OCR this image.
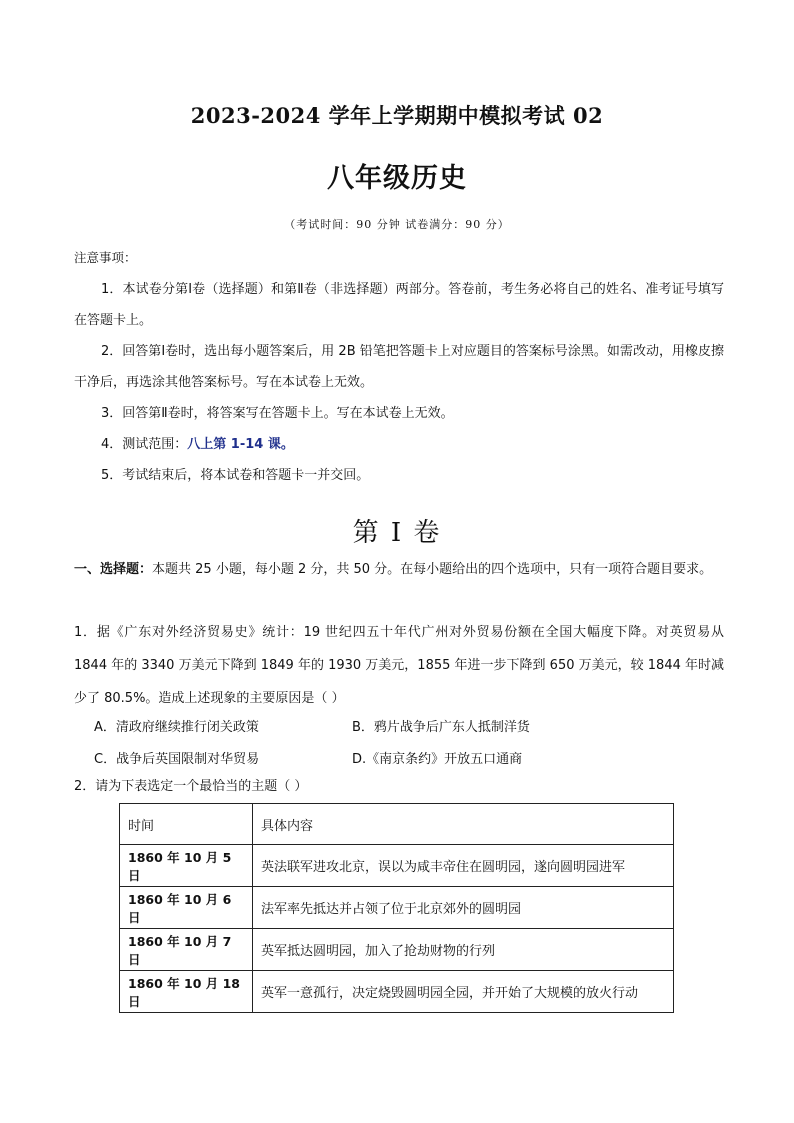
2023-2024 学年上学期期中模拟考试 02
八年级历史
（考试时间：90 分钟 试卷满分：90 分）
注意事项：
1．本试卷分第Ⅰ卷（选择题）和第Ⅱ卷（非选择题）两部分。答卷前，考生务必将自己的姓名、准考证号填写在答题卡上。
2．回答第Ⅰ卷时，选出每小题答案后，用 2B 铅笔把答题卡上对应题目的答案标号涂黑。如需改动，用橡皮擦干净后，再选涂其他答案标号。写在本试卷上无效。
3．回答第Ⅱ卷时，将答案写在答题卡上。写在本试卷上无效。
4．测试范围：八上第 1-14 课。
5．考试结束后，将本试卷和答题卡一并交回。
第 I 卷
一、选择题：本题共 25 小题，每小题 2 分，共 50 分。在每小题给出的四个选项中，只有一项符合题目要求。
1．据《广东对外经济贸易史》统计：19 世纪四五十年代广州对外贸易份额在全国大幅度下降。对英贸易从 1844 年的 3340 万美元下降到 1849 年的 1930 万美元，1855 年进一步下降到 650 万美元，较 1844 年时减少了 80.5%。造成上述现象的主要原因是（ ）
A．清政府继续推行闭关政策	B．鸦片战争后广东人抵制洋货
C．战争后英国限制对华贸易	D.《南京条约》开放五口通商
2．请为下表选定一个最恰当的主题（ ）
时间	具体内容
1860 年 10 月 5 日	英法联军进攻北京，误以为咸丰帝住在圆明园，遂向圆明园进军
1860 年 10 月 6 日	法军率先抵达并占领了位于北京郊外的圆明园
1860 年 10 月 7 日	英军抵达圆明园，加入了抢劫财物的行列
1860 年 10 月 18 日	英军一意孤行，决定烧毁圆明园全园，并开始了大规模的放火行动
